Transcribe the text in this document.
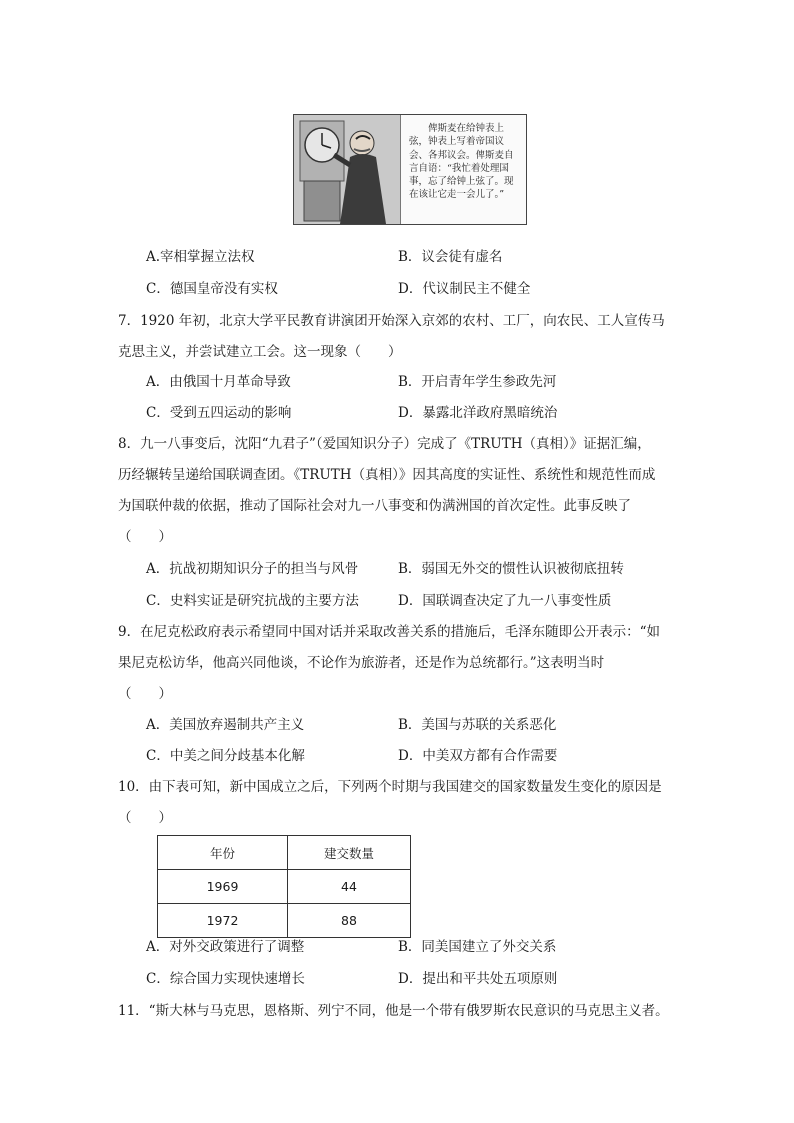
俾斯麦在给钟表上弦，钟表上写着帝国议会、各邦议会。俾斯麦自言自语：“我忙着处理国事，忘了给钟上弦了。现在该让它走一会儿了。”
A.宰相掌握立法权	B．议会徒有虚名
C．德国皇帝没有实权	D．代议制民主不健全
7．1920 年初，北京大学平民教育讲演团开始深入京郊的农村、工厂，向农民、工人宣传马
克思主义，并尝试建立工会。这一现象（　　）
A．由俄国十月革命导致	B．开启青年学生参政先河
C．受到五四运动的影响	D．暴露北洋政府黑暗统治
8．九一八事变后，沈阳“九君子”（爱国知识分子）完成了《TRUTH（真相）》证据汇编，
历经辗转呈递给国联调查团。《TRUTH（真相）》因其高度的实证性、系统性和规范性而成
为国联仲裁的依据，推动了国际社会对九一八事变和伪满洲国的首次定性。此事反映了
（　　）
A．抗战初期知识分子的担当与风骨	B．弱国无外交的惯性认识被彻底扭转
C．史料实证是研究抗战的主要方法	D．国联调查决定了九一八事变性质
9．在尼克松政府表示希望同中国对话并采取改善关系的措施后，毛泽东随即公开表示：“如
果尼克松访华，他高兴同他谈，不论作为旅游者，还是作为总统都行。”这表明当时
（　　）
A．美国放弃遏制共产主义	B．美国与苏联的关系恶化
C．中美之间分歧基本化解	D．中美双方都有合作需要
10．由下表可知，新中国成立之后，下列两个时期与我国建交的国家数量发生变化的原因是
（　　）
年份	建交数量
1969	44
1972	88
A．对外交政策进行了调整	B．同美国建立了外交关系
C．综合国力实现快速增长	D．提出和平共处五项原则
11．“斯大林与马克思，恩格斯、列宁不同，他是一个带有俄罗斯农民意识的马克思主义者。
